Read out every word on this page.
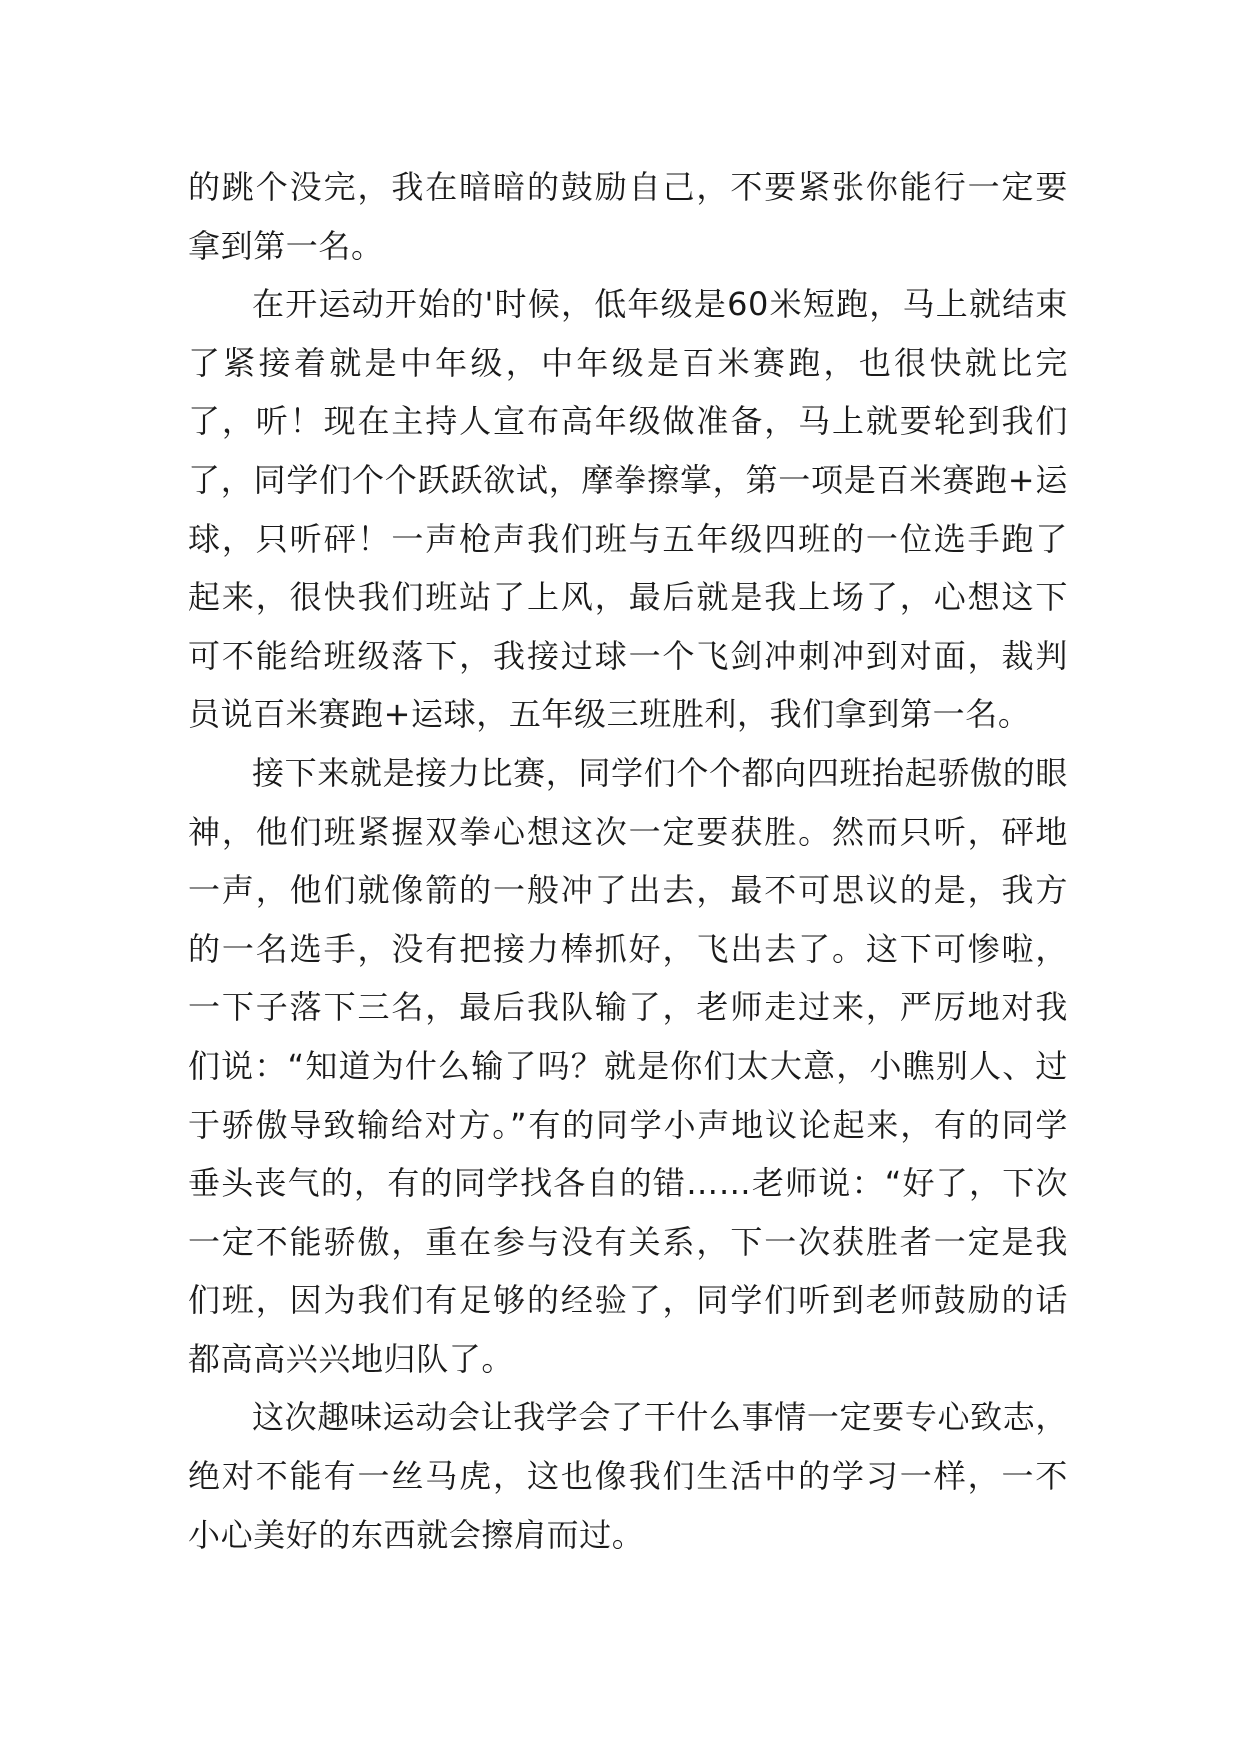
的跳个没完，我在暗暗的鼓励自己，不要紧张你能行一定要拿到第一名。

在开运动开始的'时候，低年级是60米短跑，马上就结束了紧接着就是中年级，中年级是百米赛跑，也很快就比完了，听！现在主持人宣布高年级做准备，马上就要轮到我们了，同学们个个跃跃欲试，摩拳擦掌，第一项是百米赛跑+运球，只听砰！一声枪声我们班与五年级四班的一位选手跑了起来，很快我们班站了上风，最后就是我上场了，心想这下可不能给班级落下，我接过球一个飞剑冲刺冲到对面，裁判员说百米赛跑+运球，五年级三班胜利，我们拿到第一名。

接下来就是接力比赛，同学们个个都向四班抬起骄傲的眼神，他们班紧握双拳心想这次一定要获胜。然而只听，砰地一声，他们就像箭的一般冲了出去，最不可思议的是，我方的一名选手，没有把接力棒抓好，飞出去了。这下可惨啦，一下子落下三名，最后我队输了，老师走过来，严厉地对我们说：“知道为什么输了吗？就是你们太大意，小瞧别人、过于骄傲导致输给对方。”有的同学小声地议论起来，有的同学垂头丧气的，有的同学找各自的错……老师说：“好了，下次一定不能骄傲，重在参与没有关系，下一次获胜者一定是我们班，因为我们有足够的经验了，同学们听到老师鼓励的话都高高兴兴地归队了。

这次趣味运动会让我学会了干什么事情一定要专心致志，绝对不能有一丝马虎，这也像我们生活中的学习一样，一不小心美好的东西就会擦肩而过。
